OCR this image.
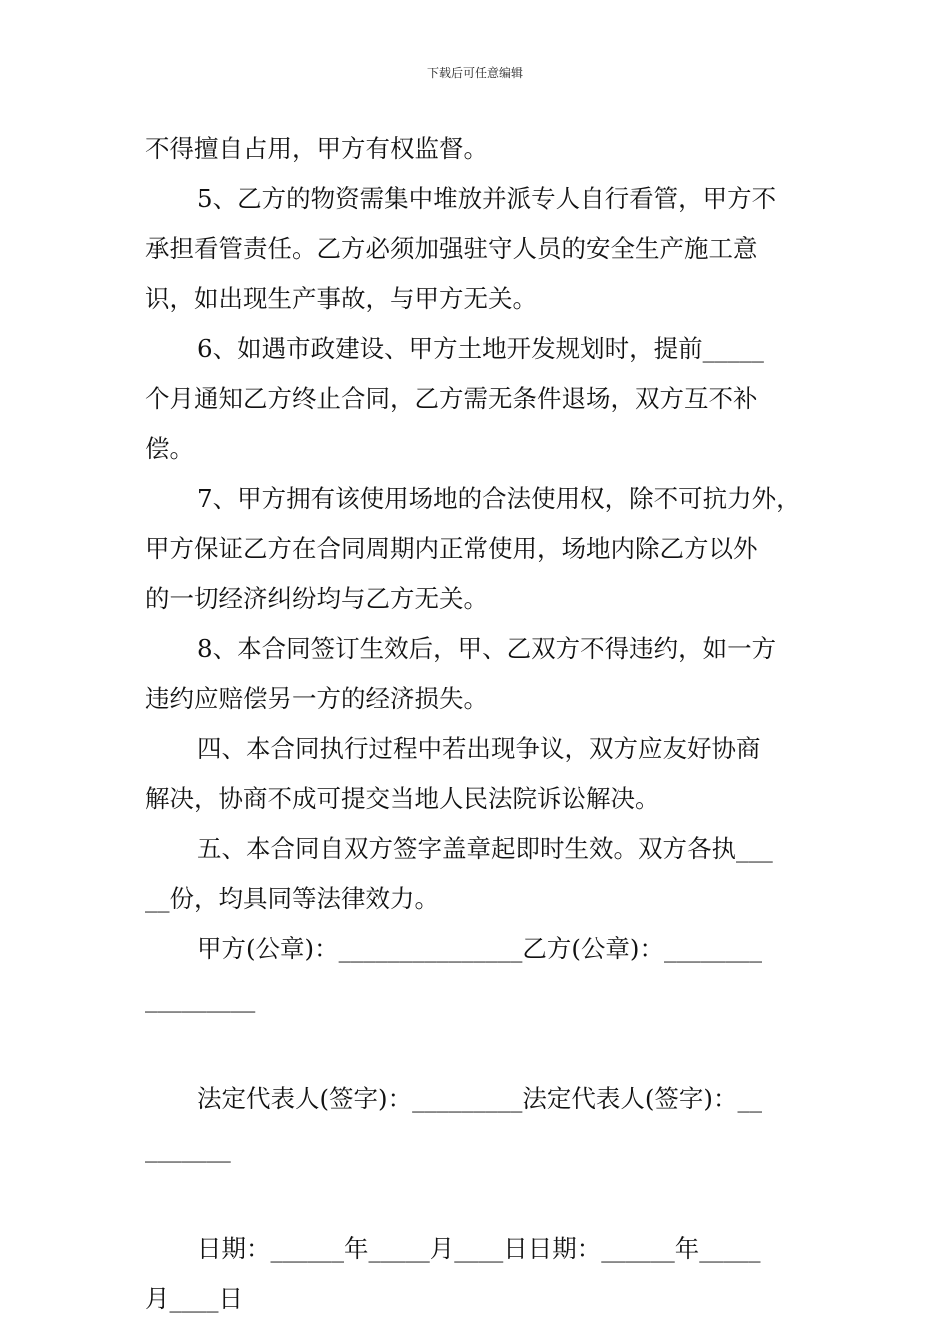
下载后可任意编辑
不得擅自占用，甲方有权监督。
5、乙方的物资需集中堆放并派专人自行看管，甲方不
承担看管责任。乙方必须加强驻守人员的安全生产施工意
识，如出现生产事故，与甲方无关。
6、如遇市政建设、甲方土地开发规划时，提前_____
个月通知乙方终止合同，乙方需无条件退场，双方互不补
偿。
7、甲方拥有该使用场地的合法使用权，除不可抗力外，
甲方保证乙方在合同周期内正常使用，场地内除乙方以外
的一切经济纠纷均与乙方无关。
8、本合同签订生效后，甲、乙双方不得违约，如一方
违约应赔偿另一方的经济损失。
四、本合同执行过程中若出现争议，双方应友好协商
解决，协商不成可提交当地人民法院诉讼解决。
五、本合同自双方签字盖章起即时生效。双方各执___
__份，均具同等法律效力。
甲方(公章)：_______________乙方(公章)：________
_________
法定代表人(签字)：_________法定代表人(签字)：__
_______
日期：______年_____月____日日期：______年_____
月____日
